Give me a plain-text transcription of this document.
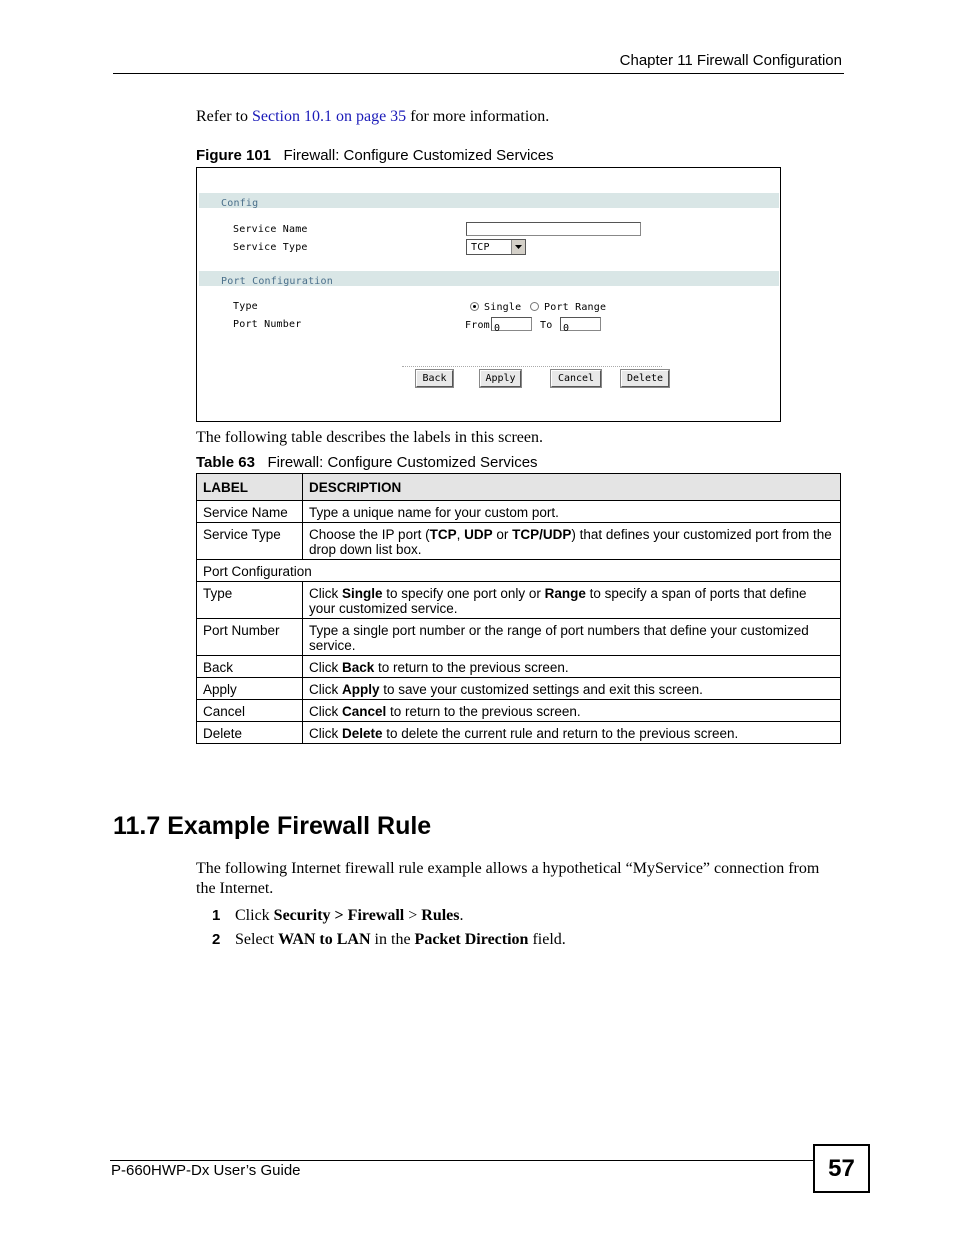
Chapter 11 Firewall Configuration
Refer to Section 10.1 on page 35 for more information.
Figure 101 Firewall: Configure Customized Services
Config
Service Name
Service Type	TCP
Port Configuration
Type	Single Port Range
Port Number	From 0	To	0
Back	Apply	Cancel	Delete
The following table describes the labels in this screen.
Table 63 Firewall: Configure Customized Services
LABEL	DESCRIPTION
Service Name	Type a unique name for your custom port.
Service Type	Choose the IP port (TCP, UDP or TCP/UDP) that defines your customized port from the drop down list box.
Port Configuration	
Type	Click Single to specify one port only or Range to specify a span of ports that define your customized service.
Port Number	Type a single port number or the range of port numbers that define your customized service.
Back	Click Back to return to the previous screen.
Apply	Click Apply to save your customized settings and exit this screen.
Cancel	Click Cancel to return to the previous screen.
Delete	Click Delete to delete the current rule and return to the previous screen.
11.7 Example Firewall Rule
The following Internet firewall rule example allows a hypothetical “MyService” connection from the Internet.
1 Click Security > Firewall > Rules.
2 Select WAN to LAN in the Packet Direction field.
P-660HWP-Dx User’s Guide	57
